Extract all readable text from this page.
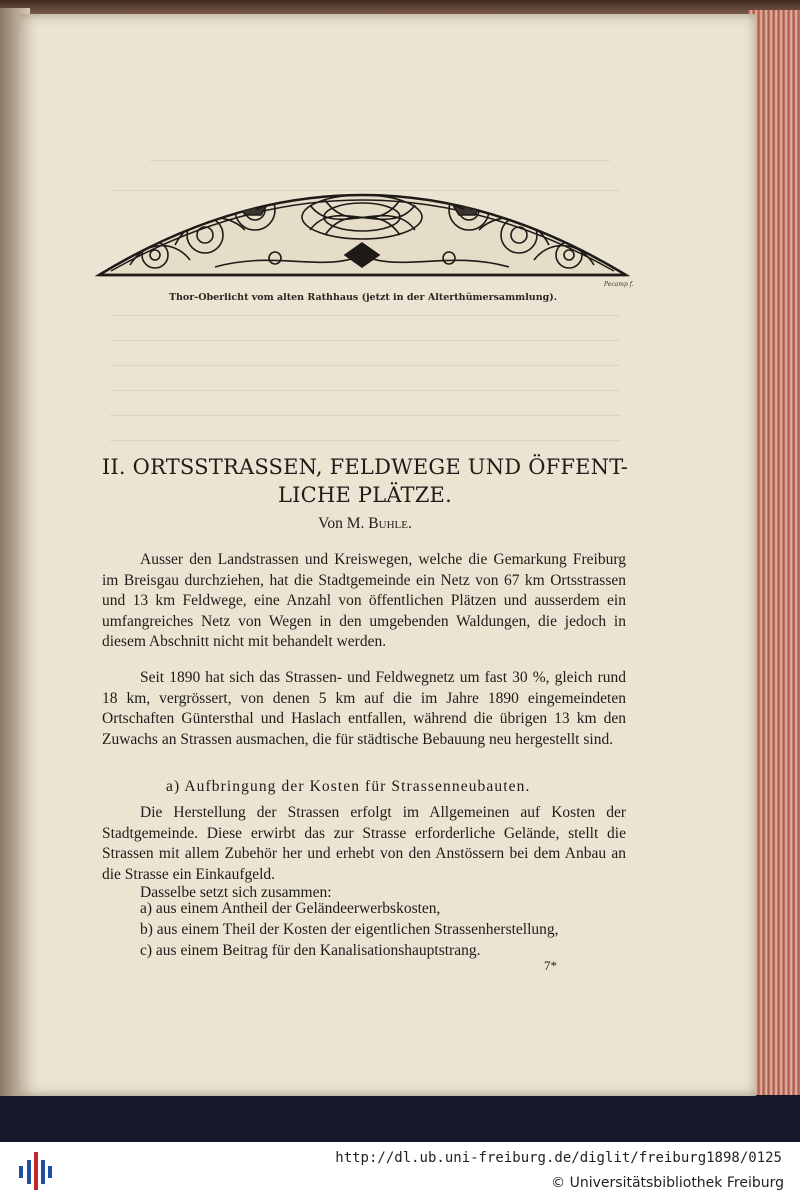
Pecamp f.
Thor-Oberlicht vom alten Rathhaus (jetzt in der Alterthümersammlung).
II. ORTSSTRASSEN, FELDWEGE UND ÖFFENT-
LICHE PLÄTZE.
Von M. Buhle.
Ausser den Landstrassen und Kreiswegen, welche die Gemarkung Freiburg im Breisgau durchziehen, hat die Stadtgemeinde ein Netz von 67 km Ortsstrassen und 13 km Feldwege, eine Anzahl von öffentlichen Plätzen und ausserdem ein umfangreiches Netz von Wegen in den umgebenden Waldungen, die jedoch in diesem Abschnitt nicht mit behandelt werden.
Seit 1890 hat sich das Strassen- und Feldwegnetz um fast 30 %, gleich rund 18 km, vergrössert, von denen 5 km auf die im Jahre 1890 eingemeindeten Ortschaften Güntersthal und Haslach entfallen, während die übrigen 13 km den Zuwachs an Strassen ausmachen, die für städtische Bebauung neu hergestellt sind.
a) Aufbringung der Kosten für Strassenneubauten.
Die Herstellung der Strassen erfolgt im Allgemeinen auf Kosten der Stadtgemeinde. Diese erwirbt das zur Strasse erforderliche Gelände, stellt die Strassen mit allem Zubehör her und erhebt von den Anstössern bei dem Anbau an die Strasse ein Einkaufgeld.
Dasselbe setzt sich zusammen:
a) aus einem Antheil der Geländeerwerbskosten,
b) aus einem Theil der Kosten der eigentlichen Strassenherstellung,
c) aus einem Beitrag für den Kanalisationshauptstrang.
7*
http://dl.ub.uni-freiburg.de/diglit/freiburg1898/0125
© Universitätsbibliothek Freiburg
